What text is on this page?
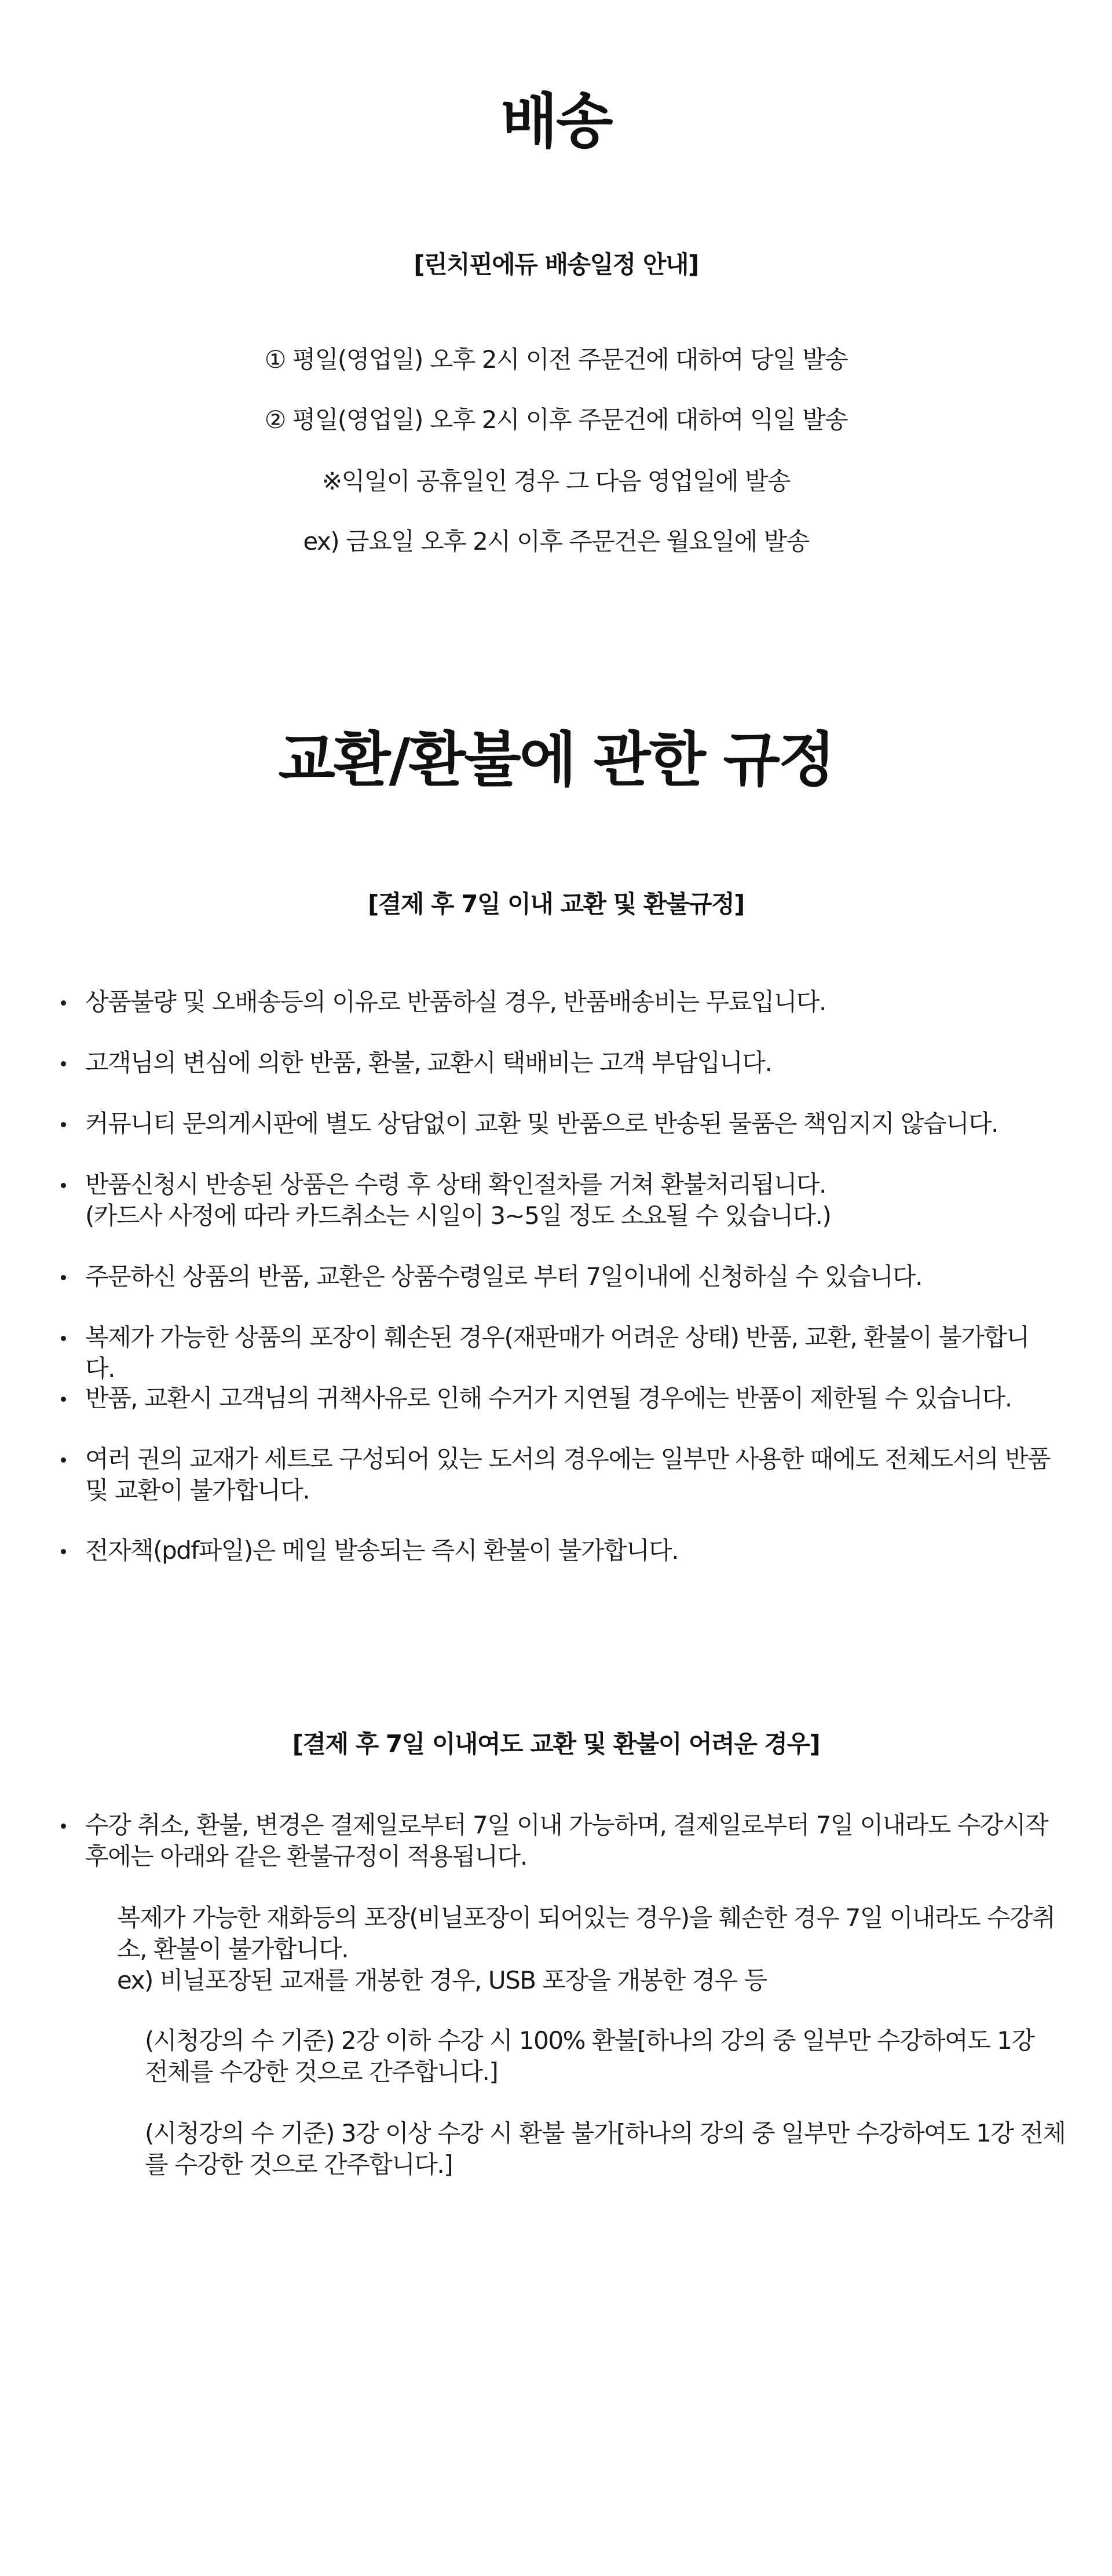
배송
[린치핀에듀 배송일정 안내]
① 평일(영업일) 오후 2시 이전 주문건에 대하여 당일 발송
② 평일(영업일) 오후 2시 이후 주문건에 대하여 익일 발송
※익일이 공휴일인 경우 그 다음 영업일에 발송
ex) 금요일 오후 2시 이후 주문건은 월요일에 발송
교환/환불에 관한 규정
[결제 후 7일 이내 교환 및 환불규정]
상품불량 및 오배송등의 이유로 반품하실 경우, 반품배송비는 무료입니다.
고객님의 변심에 의한 반품, 환불, 교환시 택배비는 고객 부담입니다.
커뮤니티 문의게시판에 별도 상담없이 교환 및 반품으로 반송된 물품은 책임지지 않습니다.
반품신청시 반송된 상품은 수령 후 상태 확인절차를 거쳐 환불처리됩니다.
(카드사 사정에 따라 카드취소는 시일이 3~5일 정도 소요될 수 있습니다.)
주문하신 상품의 반품, 교환은 상품수령일로 부터 7일이내에 신청하실 수 있습니다.
복제가 가능한 상품의 포장이 훼손된 경우(재판매가 어려운 상태) 반품, 교환, 환불이 불가합니다.
반품, 교환시 고객님의 귀책사유로 인해 수거가 지연될 경우에는 반품이 제한될 수 있습니다.
여러 권의 교재가 세트로 구성되어 있는 도서의 경우에는 일부만 사용한 때에도 전체도서의 반품
및 교환이 불가합니다.
전자책(pdf파일)은 메일 발송되는 즉시 환불이 불가합니다.
[결제 후 7일 이내여도 교환 및 환불이 어려운 경우]
수강 취소, 환불, 변경은 결제일로부터 7일 이내 가능하며, 결제일로부터 7일 이내라도 수강시작
후에는 아래와 같은 환불규정이 적용됩니다.
복제가 가능한 재화등의 포장(비닐포장이 되어있는 경우)을 훼손한 경우 7일 이내라도 수강취
소, 환불이 불가합니다.
ex) 비닐포장된 교재를 개봉한 경우, USB 포장을 개봉한 경우 등
(시청강의 수 기준) 2강 이하 수강 시 100% 환불[하나의 강의 중 일부만 수강하여도 1강
전체를 수강한 것으로 간주합니다.]
(시청강의 수 기준) 3강 이상 수강 시 환불 불가[하나의 강의 중 일부만 수강하여도 1강 전체
를 수강한 것으로 간주합니다.]
